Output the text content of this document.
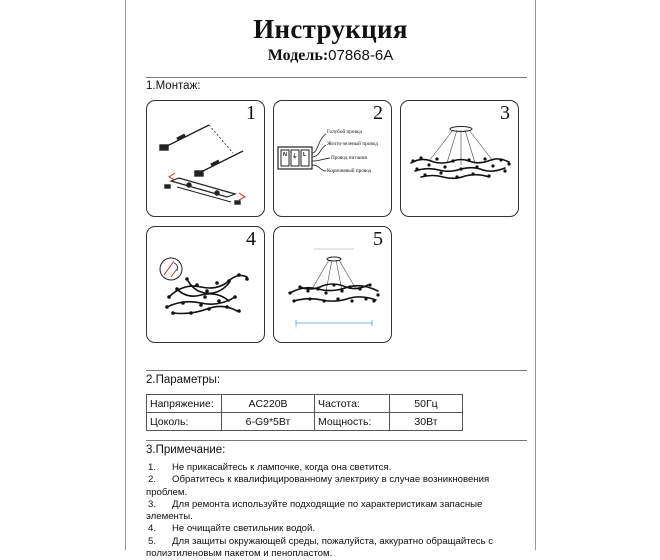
Инструкция
Модель:07868-6A
1.Монтаж:
1	2
N ⏚ L
Голубой провод
Желто-зеленый провод
Провод питания
Коричневый провод
3
4	5
2.Параметры:
Напряжение:	AC220B	Частота:	50Гц
Цоколь:	6-G9*5Вт	Мощность:	30Вт
3.Примечание:
1. Не прикасайтесь к лампочке, когда она светится.
2. Обратитесь к квалифицированному электрику в случае возникновения проблем.
3. Для ремонта используйте подходящие по характеристикам запасные элементы.
4. Не очищайте светильник водой.
5. Для защиты окружающей среды, пожалуйста, аккуратно обращайтесь с полиэтиленовым пакетом и пенопластом.
